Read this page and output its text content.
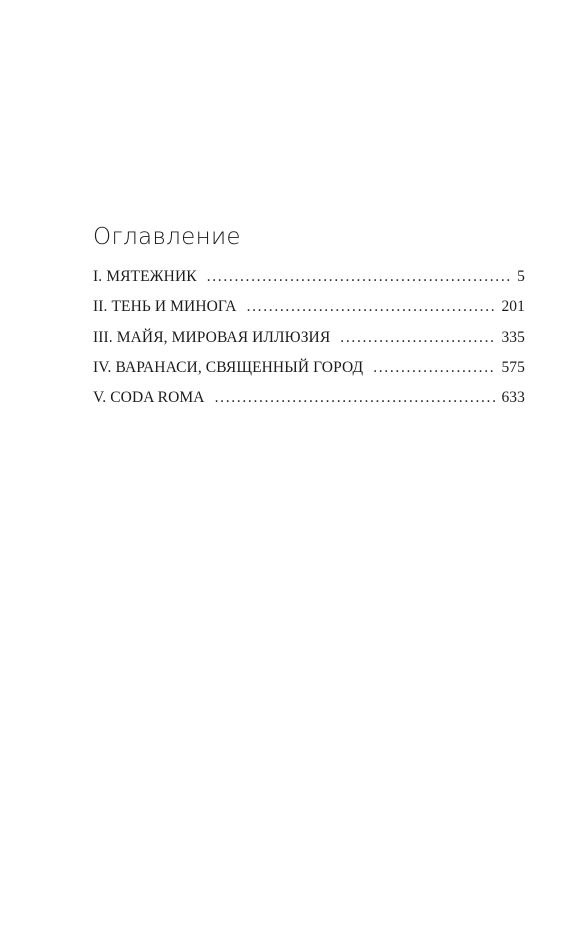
Оглавление
I. МЯТЕЖНИК . . .	5
II. ТЕНЬ И МИНОГА . . .	201
III. МАЙЯ, МИРОВАЯ ИЛЛЮЗИЯ . . .	335
IV. ВАРАНАСИ, СВЯЩЕННЫЙ ГОРОД . . .	575
V. CODA ROMA . . .	633
